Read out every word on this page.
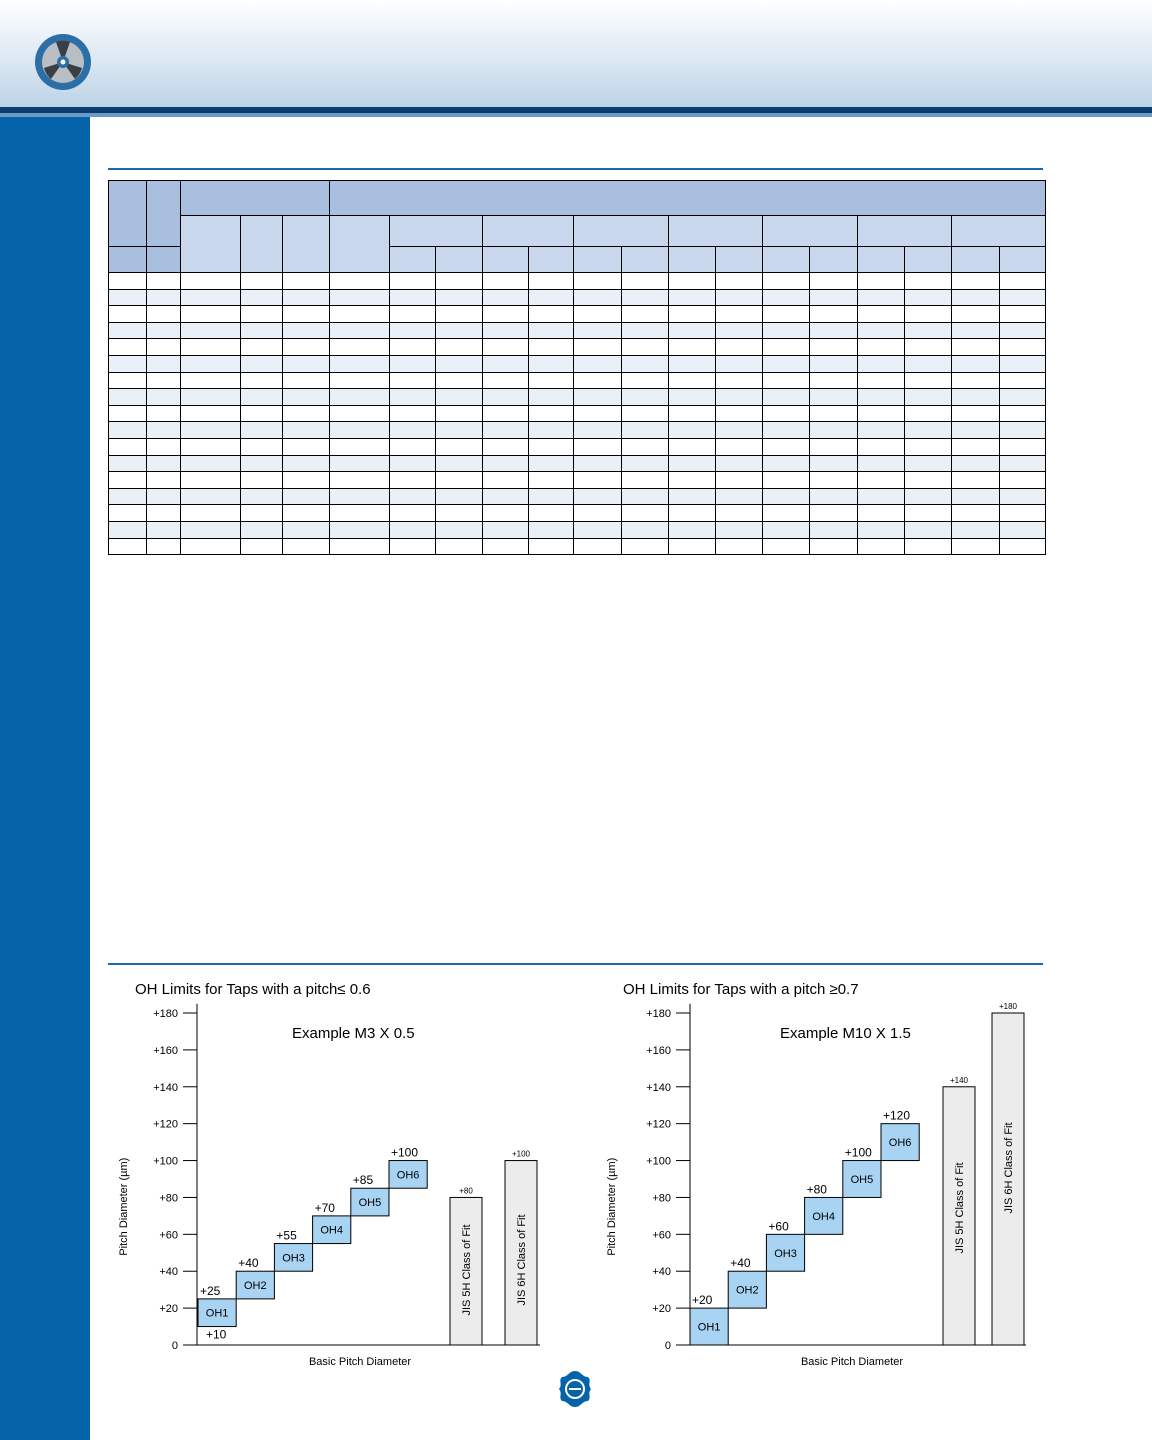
OH Limits for Taps with a pitch≤ 0.6
Example M3 X 0.5
+180
+160
+140
+120
+100
+80
+60
+40
+20
0
Pitch Diameter (µm)
Basic Pitch Diameter
OH1
+25
+10
OH2
+40 OH3
+55 OH4
+70 OH5
+85 OH6
+100
+80
JIS 5H Class of Fit
+100
JIS 6H Class of Fit
OH Limits for Taps with a pitch ≥0.7
Example M10 X 1.5
+180
+160
+140
+120
+100
+80
+60
+40
+20
0
Pitch Diameter (µm)
Basic Pitch Diameter
OH1
+20
OH2
+40
OH3
+60
OH4
+80
OH5
+100
OH6
+120
+140
JIS 5H Class of Fit
+180
JIS 6H Class of Fit
